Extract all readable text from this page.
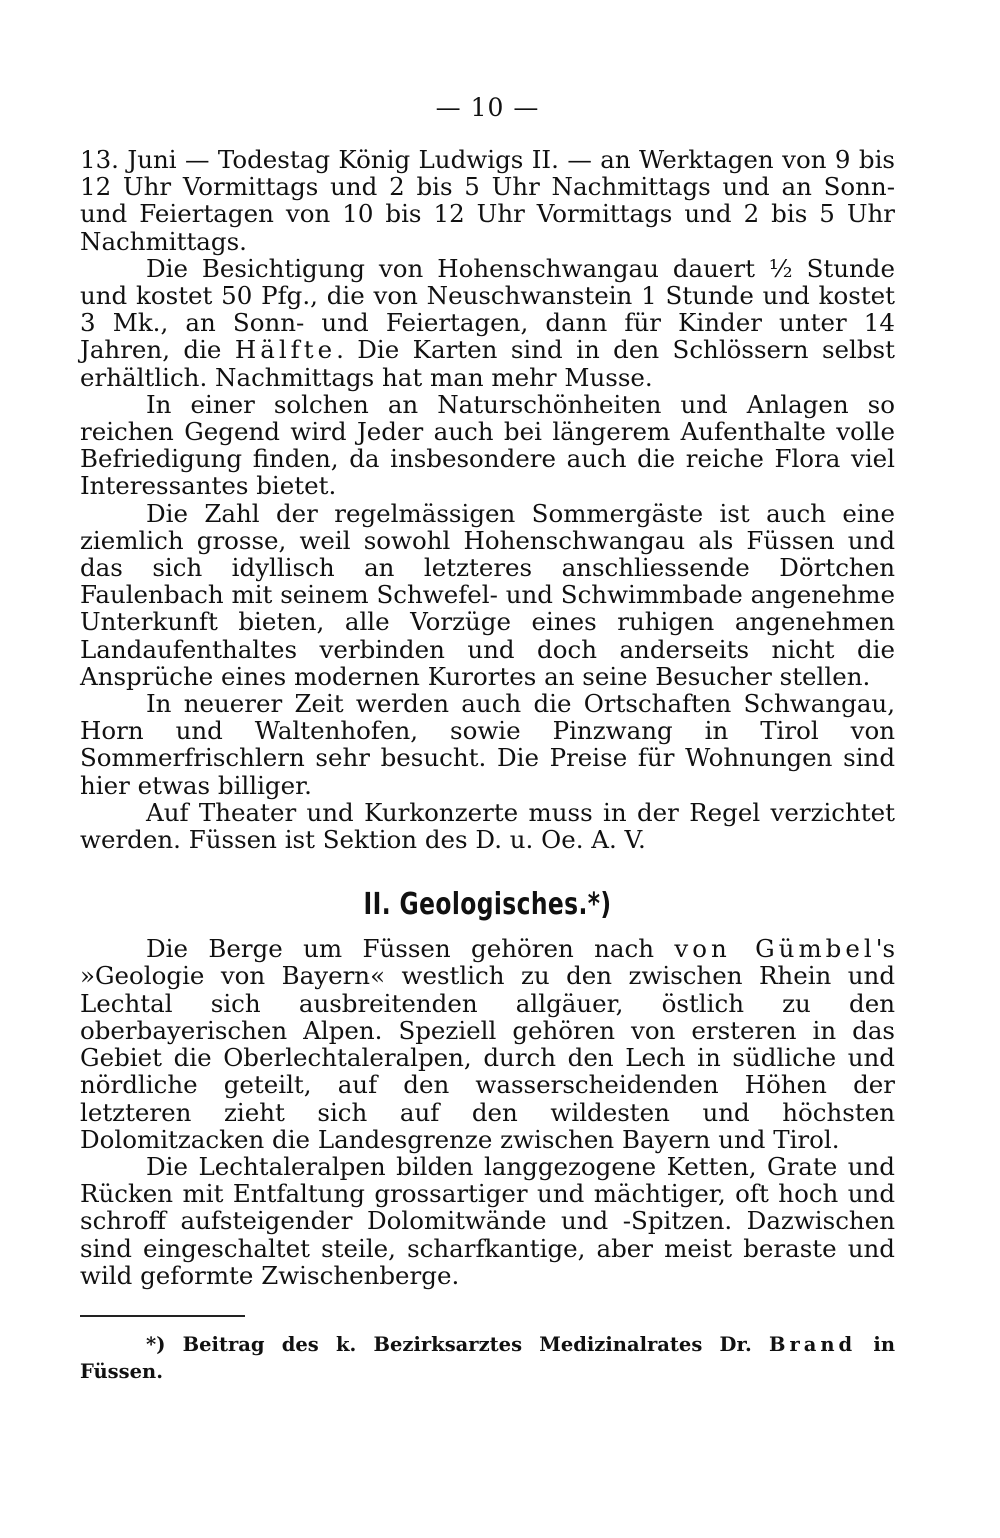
— 10 —

13. Juni — Todestag König Ludwigs II. — an Werktagen von 9 bis 12 Uhr Vormittags und 2 bis 5 Uhr Nachmittags und an Sonn- und Feiertagen von 10 bis 12 Uhr Vormittags und 2 bis 5 Uhr Nachmittags.

Die Besichtigung von Hohenschwangau dauert ½ Stunde und kostet 50 Pfg., die von Neuschwanstein 1 Stunde und kostet 3 Mk., an Sonn- und Feiertagen, dann für Kinder unter 14 Jahren, die Hälfte. Die Karten sind in den Schlössern selbst erhältlich. Nachmittags hat man mehr Musse.

In einer solchen an Naturschönheiten und Anlagen so reichen Gegend wird Jeder auch bei längerem Aufenthalte volle Befriedigung finden, da insbesondere auch die reiche Flora viel Interessantes bietet.

Die Zahl der regelmässigen Sommergäste ist auch eine ziemlich grosse, weil sowohl Hohenschwangau als Füssen und das sich idyllisch an letzteres anschliessende Dörtchen Faulenbach mit seinem Schwefel- und Schwimmbade angenehme Unterkunft bieten, alle Vorzüge eines ruhigen angenehmen Landaufenthaltes verbinden und doch anderseits nicht die Ansprüche eines modernen Kurortes an seine Besucher stellen.

In neuerer Zeit werden auch die Ortschaften Schwangau, Horn und Waltenhofen, sowie Pinzwang in Tirol von Sommerfrischlern sehr besucht. Die Preise für Wohnungen sind hier etwas billiger.

Auf Theater und Kurkonzerte muss in der Regel verzichtet werden. Füssen ist Sektion des D. u. Oe. A. V.

II. Geologisches.*)

Die Berge um Füssen gehören nach von Gümbel's »Geologie von Bayern« westlich zu den zwischen Rhein und Lechtal sich ausbreitenden allgäuer, östlich zu den oberbayerischen Alpen. Speziell gehören von ersteren in das Gebiet die Oberlechtaleralpen, durch den Lech in südliche und nördliche geteilt, auf den wasserscheidenden Höhen der letzteren zieht sich auf den wildesten und höchsten Dolomitzacken die Landesgrenze zwischen Bayern und Tirol.

Die Lechtaleralpen bilden langgezogene Ketten, Grate und Rücken mit Entfaltung grossartiger und mächtiger, oft hoch und schroff aufsteigender Dolomitwände und -Spitzen. Dazwischen sind eingeschaltet steile, scharfkantige, aber meist beraste und wild geformte Zwischenberge.

*) Beitrag des k. Bezirksarztes Medizinalrates Dr. Brand in Füssen.
